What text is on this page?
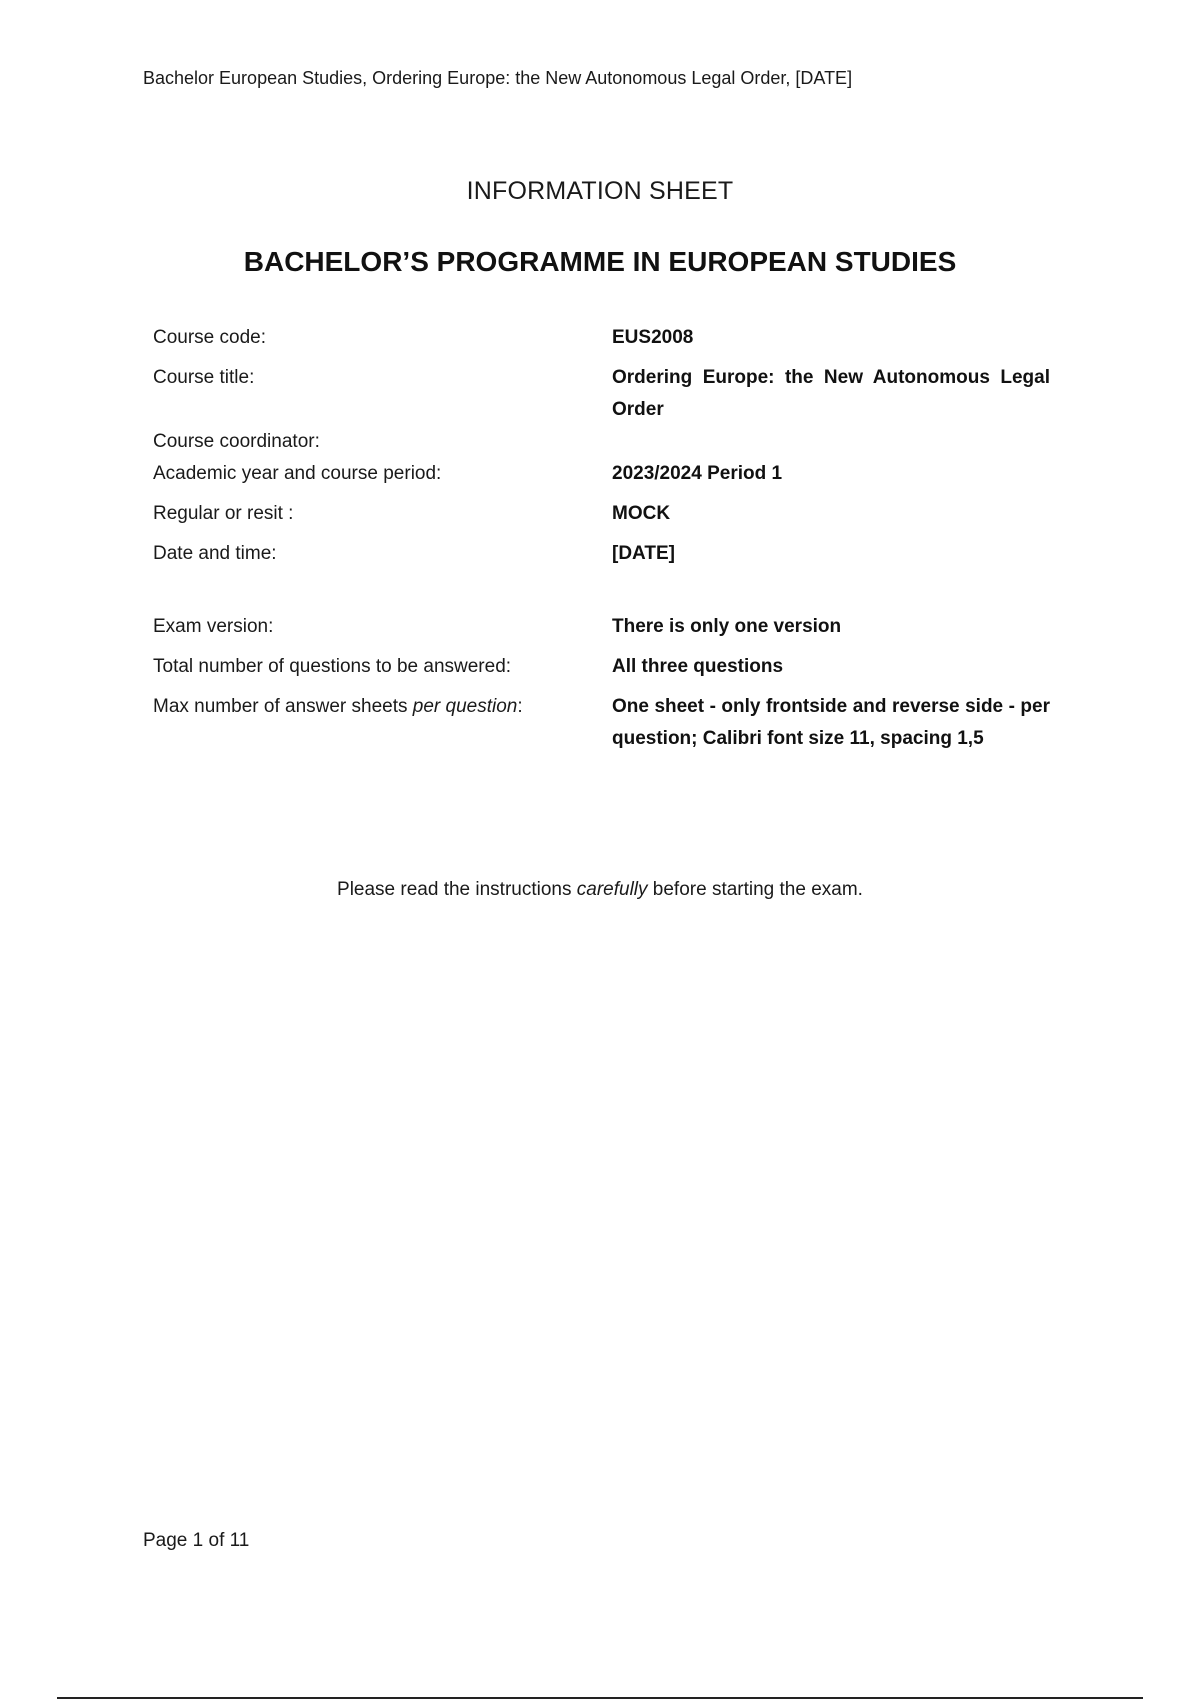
Bachelor European Studies, Ordering Europe: the New Autonomous Legal Order, [DATE]
INFORMATION SHEET
BACHELOR’S PROGRAMME IN EUROPEAN STUDIES
Course code:	EUS2008
Course title:	Ordering Europe: the New Autonomous Legal Order
Course coordinator:
Academic year and course period:	2023/2024 Period 1
Regular or resit :	MOCK
Date and time:	[DATE]
Exam version:	There is only one version
Total number of questions to be answered:	All three questions
Max number of answer sheets per question:	One sheet - only frontside and reverse side - per question; Calibri font size 11, spacing 1,5
Please read the instructions carefully before starting the exam.
Page 1 of 11
